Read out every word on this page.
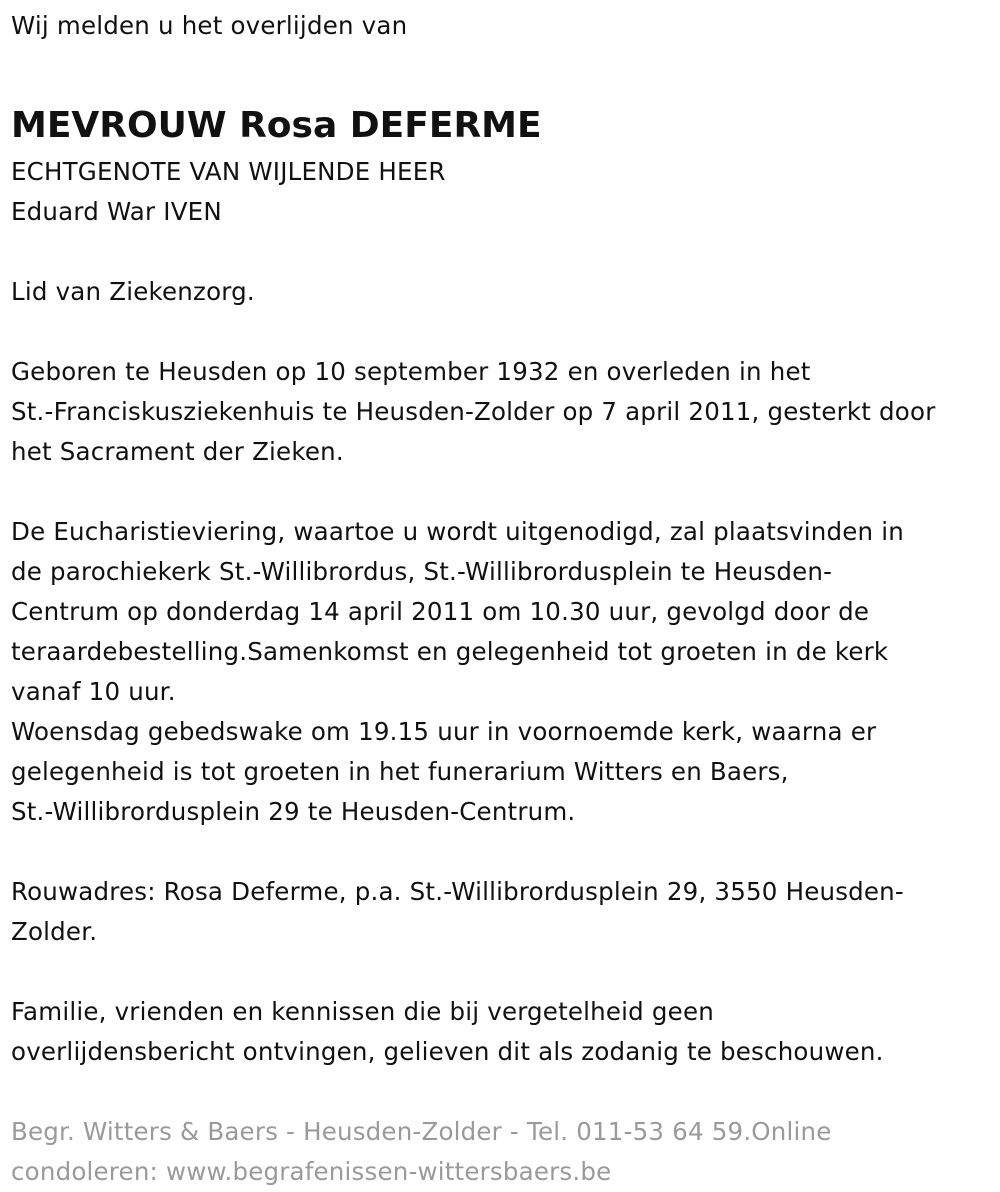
Wij melden u het overlijden van
MEVROUW Rosa DEFERME
ECHTGENOTE VAN WIJLENDE HEER
Eduard War IVEN
Lid van Ziekenzorg.
Geboren te Heusden op 10 september 1932 en overleden in het
St.-Franciskusziekenhuis te Heusden-Zolder op 7 april 2011, gesterkt door
het Sacrament der Zieken.
De Eucharistieviering, waartoe u wordt uitgenodigd, zal plaatsvinden in
de parochiekerk St.-Willibrordus, St.-Willibrordusplein te Heusden-
Centrum op donderdag 14 april 2011 om 10.30 uur, gevolgd door de
teraardebestelling.Samenkomst en gelegenheid tot groeten in de kerk
vanaf 10 uur.
Woensdag gebedswake om 19.15 uur in voornoemde kerk, waarna er
gelegenheid is tot groeten in het funerarium Witters en Baers,
St.-Willibrordusplein 29 te Heusden-Centrum.
Rouwadres: Rosa Deferme, p.a. St.-Willibrordusplein 29, 3550 Heusden-
Zolder.
Familie, vrienden en kennissen die bij vergetelheid geen
overlijdensbericht ontvingen, gelieven dit als zodanig te beschouwen.
Begr. Witters & Baers - Heusden-Zolder - Tel. 011-53 64 59.Online
condoleren: www.begrafenissen-wittersbaers.be
